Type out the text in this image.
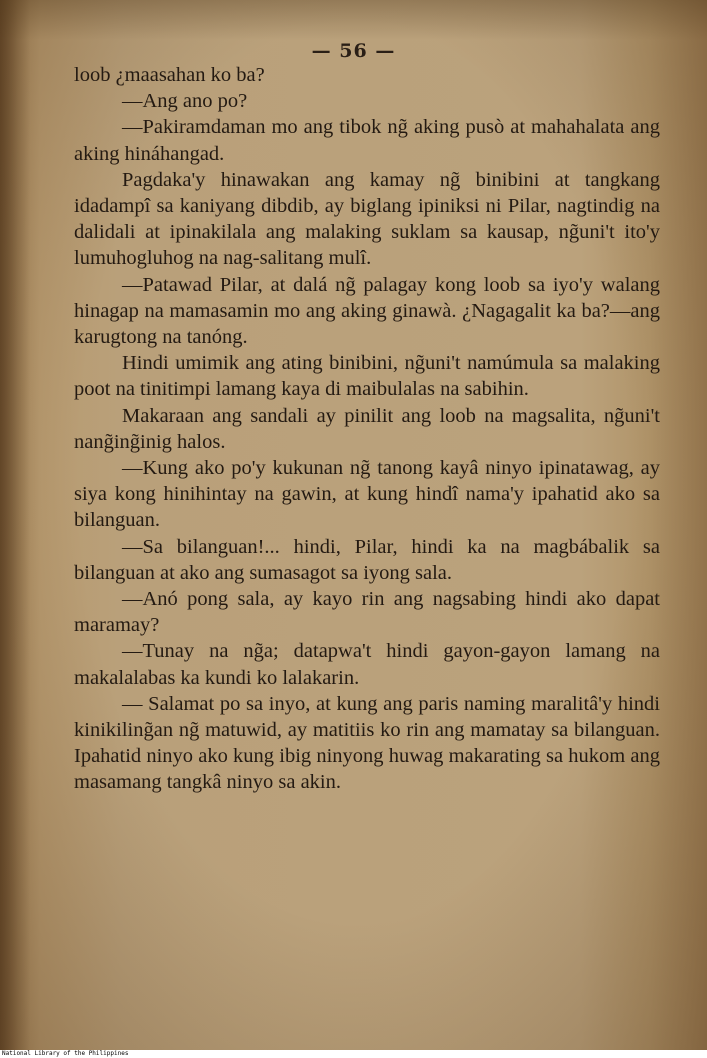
— 56 —

loob ¿maasahan ko ba?

—Ang ano po?

—Pakiramdaman mo ang tibok ng̃ aking pusò at mahahalata ang aking hináhangad.

Pagdaka'y hinawakan ang kamay ng̃ binibini at tangkang idadampî sa kaniyang dibdib, ay biglang ipiniksi ni Pilar, nagtindig na dalidali at ipinakilala ang malaking suklam sa kausap, ng̃uni't ito'y lumuhogluhog na nag-salitang mulî.

—Patawad Pilar, at dalá ng̃ palagay kong loob sa iyo'y walang hinagap na mamasamin mo ang aking ginawà. ¿Nagagalit ka ba?—ang karugtong na tanóng.

Hindi umimik ang ating binibini, ng̃uni't namúmula sa malaking poot na tinitimpi lamang kaya di maibulalas na sabihin.

Makaraan ang sandali ay pinilit ang loob na magsalita, ng̃uni't nang̃ing̃inig halos.

—Kung ako po'y kukunan ng̃ tanong kayâ ninyo ipinatawag, ay siya kong hinihintay na gawin, at kung hindî nama'y ipahatid ako sa bilanguan.

—Sa bilanguan!... hindi, Pilar, hindi ka na magbábalik sa bilanguan at ako ang sumasagot sa iyong sala.

—Anó pong sala, ay kayo rin ang nagsabing hindi ako dapat maramay?

—Tunay na ng̃a; datapwa't hindi gayon-gayon lamang na makalalabas ka kundi ko lalakarin.

— Salamat po sa inyo, at kung ang paris naming maralitâ'y hindi kinikiling̃an ng̃ matuwid, ay matitiis ko rin ang mamatay sa bilanguan. Ipahatid ninyo ako kung ibig ninyong huwag makarating sa hukom ang masamang tangkâ ninyo sa akin.

National Library of the Philippines
